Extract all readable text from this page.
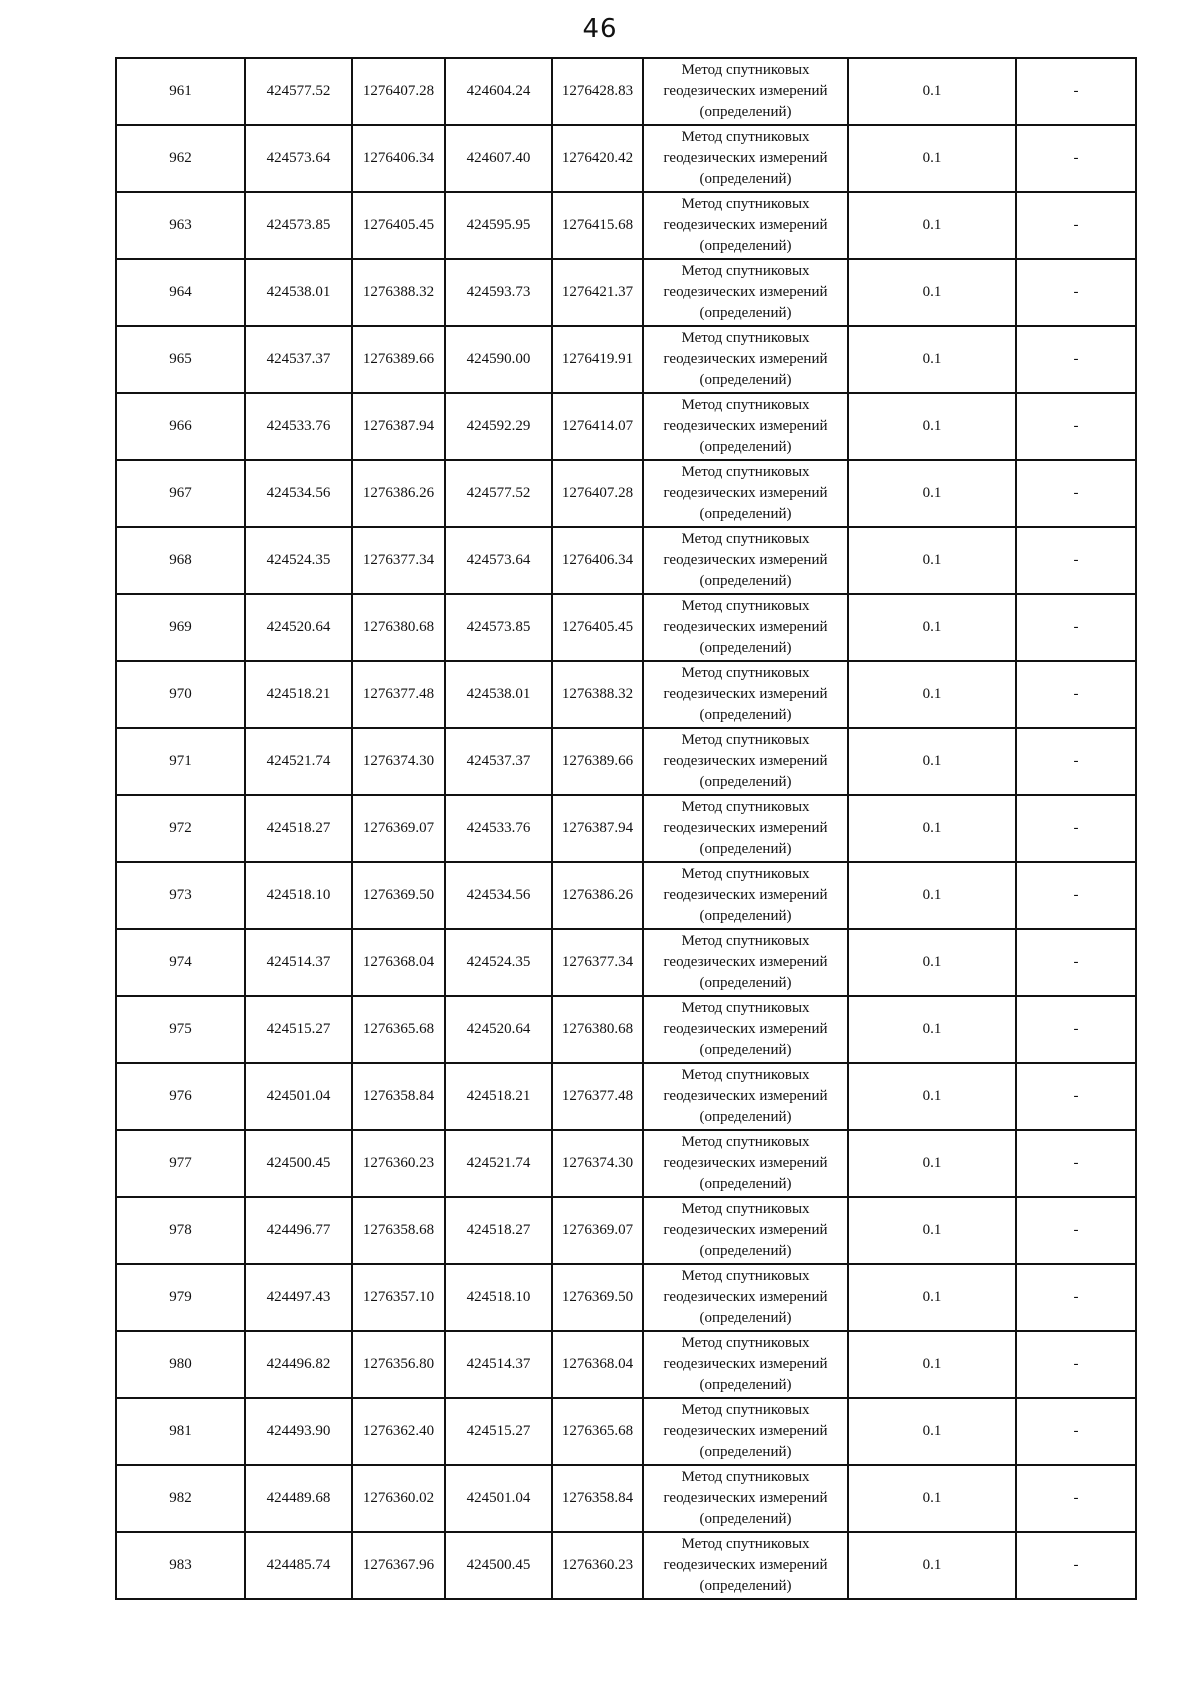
46
961	424577.52	1276407.28	424604.24	1276428.83	Метод спутниковых
геодезических измерений
(определений)	0.1	-
962	424573.64	1276406.34	424607.40	1276420.42	Метод спутниковых
геодезических измерений
(определений)	0.1	-
963	424573.85	1276405.45	424595.95	1276415.68	Метод спутниковых
геодезических измерений
(определений)	0.1	-
964	424538.01	1276388.32	424593.73	1276421.37	Метод спутниковых
геодезических измерений
(определений)	0.1	-
965	424537.37	1276389.66	424590.00	1276419.91	Метод спутниковых
геодезических измерений
(определений)	0.1	-
966	424533.76	1276387.94	424592.29	1276414.07	Метод спутниковых
геодезических измерений
(определений)	0.1	-
967	424534.56	1276386.26	424577.52	1276407.28	Метод спутниковых
геодезических измерений
(определений)	0.1	-
968	424524.35	1276377.34	424573.64	1276406.34	Метод спутниковых
геодезических измерений
(определений)	0.1	-
969	424520.64	1276380.68	424573.85	1276405.45	Метод спутниковых
геодезических измерений
(определений)	0.1	-
970	424518.21	1276377.48	424538.01	1276388.32	Метод спутниковых
геодезических измерений
(определений)	0.1	-
971	424521.74	1276374.30	424537.37	1276389.66	Метод спутниковых
геодезических измерений
(определений)	0.1	-
972	424518.27	1276369.07	424533.76	1276387.94	Метод спутниковых
геодезических измерений
(определений)	0.1	-
973	424518.10	1276369.50	424534.56	1276386.26	Метод спутниковых
геодезических измерений
(определений)	0.1	-
974	424514.37	1276368.04	424524.35	1276377.34	Метод спутниковых
геодезических измерений
(определений)	0.1	-
975	424515.27	1276365.68	424520.64	1276380.68	Метод спутниковых
геодезических измерений
(определений)	0.1	-
976	424501.04	1276358.84	424518.21	1276377.48	Метод спутниковых
геодезических измерений
(определений)	0.1	-
977	424500.45	1276360.23	424521.74	1276374.30	Метод спутниковых
геодезических измерений
(определений)	0.1	-
978	424496.77	1276358.68	424518.27	1276369.07	Метод спутниковых
геодезических измерений
(определений)	0.1	-
979	424497.43	1276357.10	424518.10	1276369.50	Метод спутниковых
геодезических измерений
(определений)	0.1	-
980	424496.82	1276356.80	424514.37	1276368.04	Метод спутниковых
геодезических измерений
(определений)	0.1	-
981	424493.90	1276362.40	424515.27	1276365.68	Метод спутниковых
геодезических измерений
(определений)	0.1	-
982	424489.68	1276360.02	424501.04	1276358.84	Метод спутниковых
геодезических измерений
(определений)	0.1	-
983	424485.74	1276367.96	424500.45	1276360.23	Метод спутниковых
геодезических измерений
(определений)	0.1	-
